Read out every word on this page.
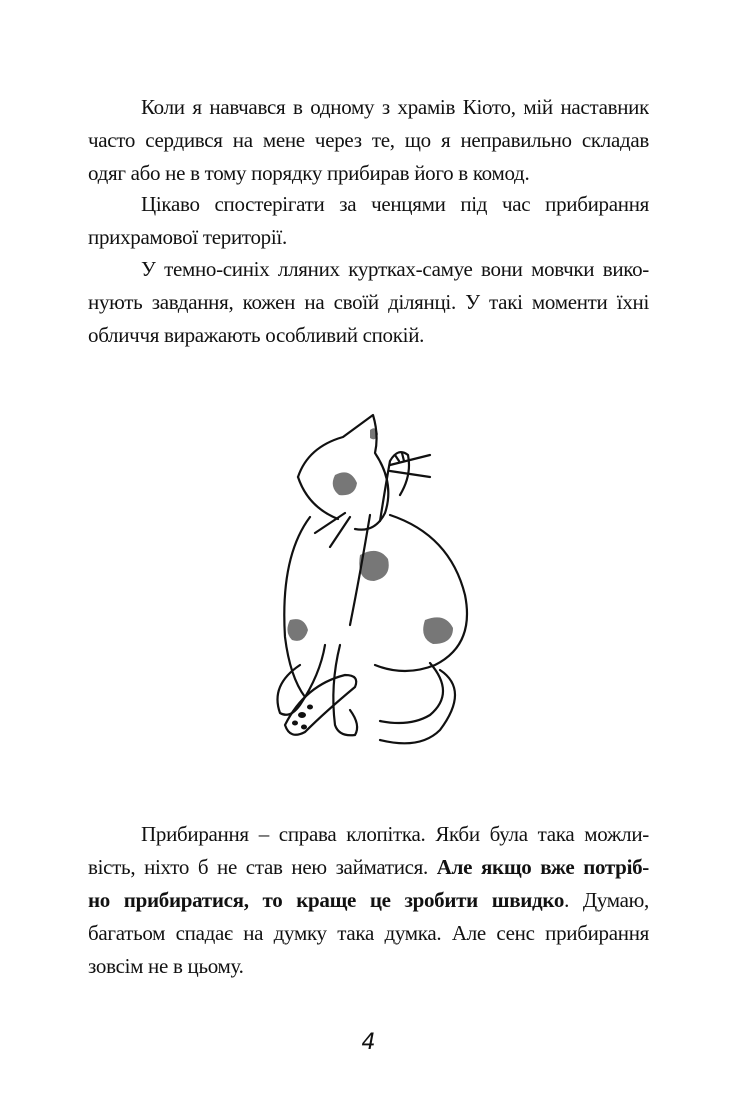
Коли я навчався в одному з храмів Кіото, мій наставник
часто сердився на мене через те, що я неправильно складав
одяг або не в тому порядку прибирав його в комод.
Цікаво спостерігати за ченцями під час прибирання
прихрамової території.
У темно-синіх лляних куртках-самуе вони мовчки вико-
нують завдання, кожен на своїй ділянці. У такі моменти їхні
обличчя виражають особливий спокій.
Прибирання – справа клопітка. Якби була така можли-
вість, ніхто б не став нею займатися. Але якщо вже потріб-
но прибиратися, то краще це зробити швидко. Думаю,
багатьом спадає на думку така думка. Але сенс прибирання
зовсім не в цьому.
4
